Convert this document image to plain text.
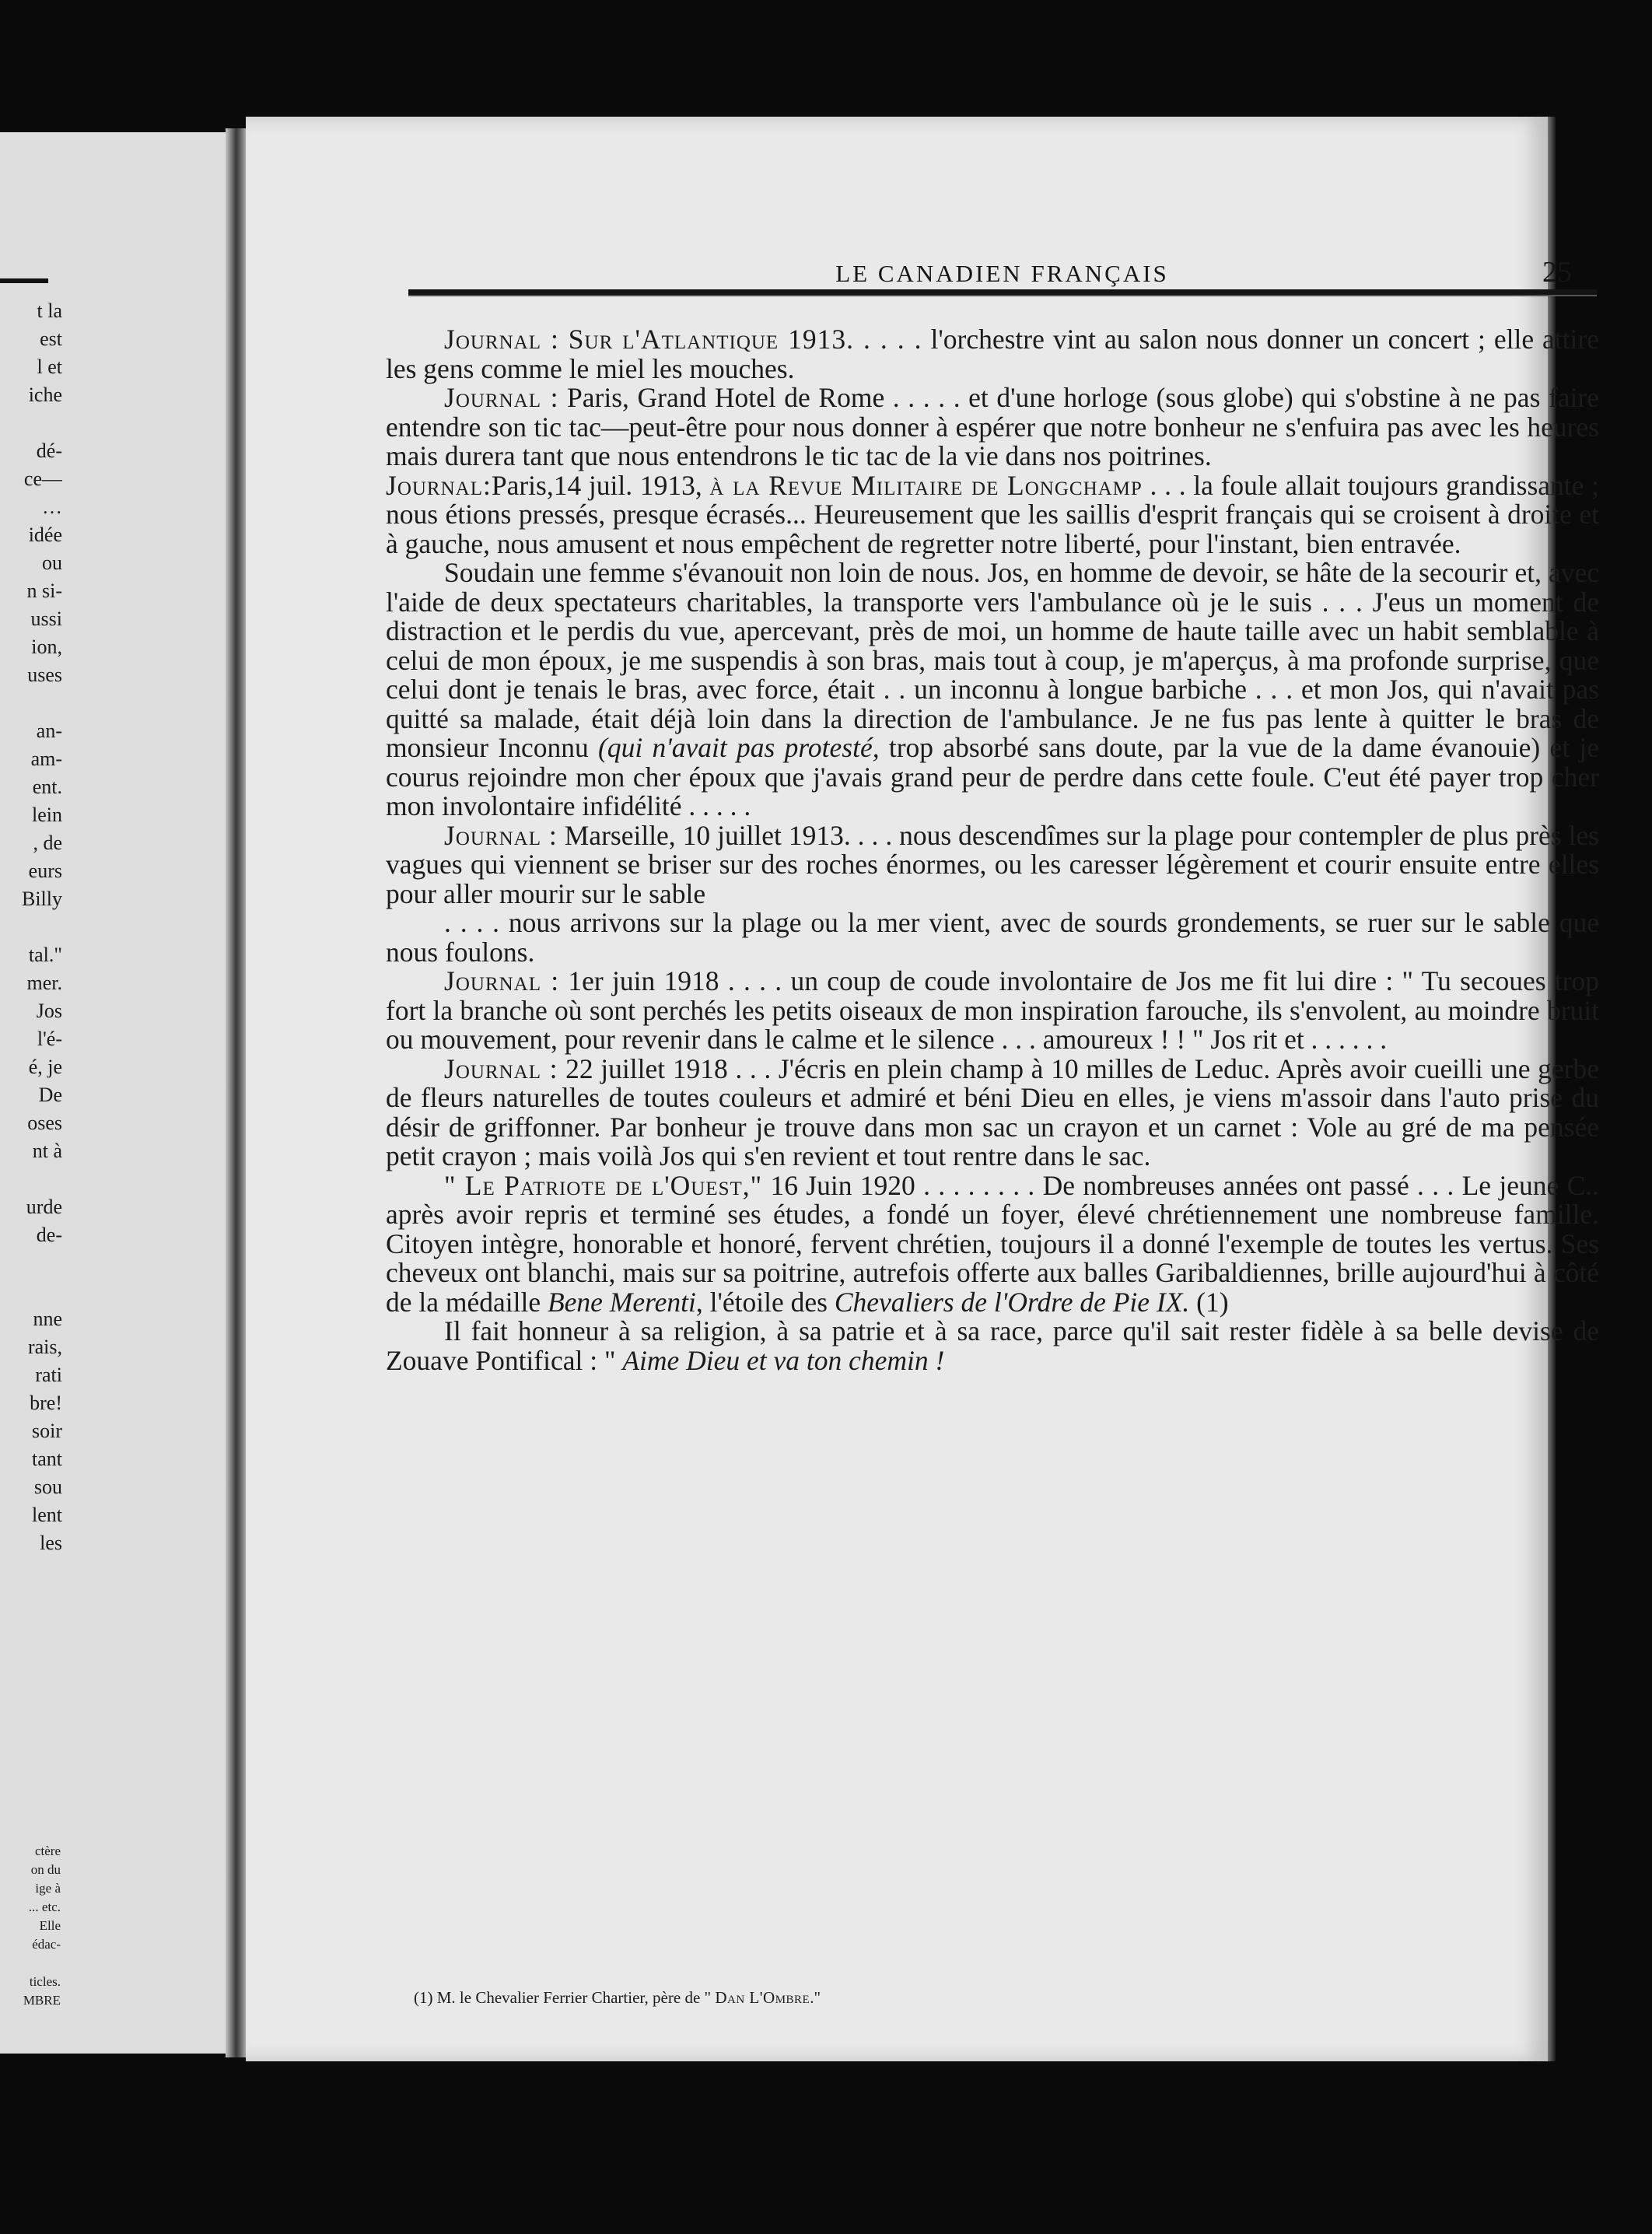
t la
est
l et
iche
dé-
ce—
…
idée
ou
n si-
ussi
ion,
uses
an-
am-
ent.
lein
, de
eurs
Billy
tal."
mer.
Jos
l'é-
é, je
De
oses
nt à
urde
de-
nne
rais,
rati
bre!
soir
tant
sou
lent
les
ctère
on du
ige à
... etc.
Elle
édac-
ticles.
MBRE
LE CANADIEN FRANÇAIS	25

Journal : Sur l'Atlantique 1913. . . . . l'orchestre vint au salon nous donner un concert ; elle attire les gens comme le miel les mouches.

Journal : Paris, Grand Hotel de Rome . . . . . et d'une horloge (sous globe) qui s'obstine à ne pas faire entendre son tic tac—peut-être pour nous donner à espérer que notre bonheur ne s'enfuira pas avec les heures mais durera tant que nous entendrons le tic tac de la vie dans nos poitrines.

Journal:Paris,14 juil. 1913, à la Revue Militaire de Longchamp . . . la foule allait toujours grandissante ; nous étions pressés, presque écrasés... Heureusement que les saillis d'esprit français qui se croisent à droite et à gauche, nous amusent et nous empêchent de regretter notre liberté, pour l'instant, bien entravée.

Soudain une femme s'évanouit non loin de nous. Jos, en homme de devoir, se hâte de la secourir et, avec l'aide de deux spectateurs charitables, la transporte vers l'ambulance où je le suis . . . J'eus un moment de distraction et le perdis du vue, apercevant, près de moi, un homme de haute taille avec un habit semblable à celui de mon époux, je me suspendis à son bras, mais tout à coup, je m'aperçus, à ma profonde surprise, que celui dont je tenais le bras, avec force, était . . un inconnu à longue barbiche . . . et mon Jos, qui n'avait pas quitté sa malade, était déjà loin dans la direction de l'ambulance. Je ne fus pas lente à quitter le bras de monsieur Inconnu (qui n'avait pas protesté, trop absorbé sans doute, par la vue de la dame évanouie) et je courus rejoindre mon cher époux que j'avais grand peur de perdre dans cette foule. C'eut été payer trop cher mon involontaire infidélité . . . . .

Journal : Marseille, 10 juillet 1913. . . . nous descendîmes sur la plage pour contempler de plus près les vagues qui viennent se briser sur des roches énormes, ou les caresser légèrement et courir ensuite entre elles pour aller mourir sur le sable

. . . . nous arrivons sur la plage ou la mer vient, avec de sourds grondements, se ruer sur le sable que nous foulons.

Journal : 1er juin 1918 . . . . un coup de coude involontaire de Jos me fit lui dire : " Tu secoues trop fort la branche où sont perchés les petits oiseaux de mon inspiration farouche, ils s'envolent, au moindre bruit ou mouvement, pour revenir dans le calme et le silence . . . amoureux ! ! " Jos rit et . . . . . .

Journal : 22 juillet 1918 . . . J'écris en plein champ à 10 milles de Leduc. Après avoir cueilli une gerbe de fleurs naturelles de toutes couleurs et admiré et béni Dieu en elles, je viens m'assoir dans l'auto prise du désir de griffonner. Par bonheur je trouve dans mon sac un crayon et un carnet : Vole au gré de ma pensée petit crayon ; mais voilà Jos qui s'en revient et tout rentre dans le sac.

" Le Patriote de l'Ouest," 16 Juin 1920 . . . . . . . . De nombreuses années ont passé . . . Le jeune C.. après avoir repris et terminé ses études, a fondé un foyer, élevé chrétiennement une nombreuse famille. Citoyen intègre, honorable et honoré, fervent chrétien, toujours il a donné l'exemple de toutes les vertus. Ses cheveux ont blanchi, mais sur sa poitrine, autrefois offerte aux balles Garibaldiennes, brille aujourd'hui à côté de la médaille Bene Merenti, l'étoile des Chevaliers de l'Ordre de Pie IX. (1)

Il fait honneur à sa religion, à sa patrie et à sa race, parce qu'il sait rester fidèle à sa belle devise de Zouave Pontifical : " Aime Dieu et va ton chemin !

(1) M. le Chevalier Ferrier Chartier, père de " Dan L'Ombre."
